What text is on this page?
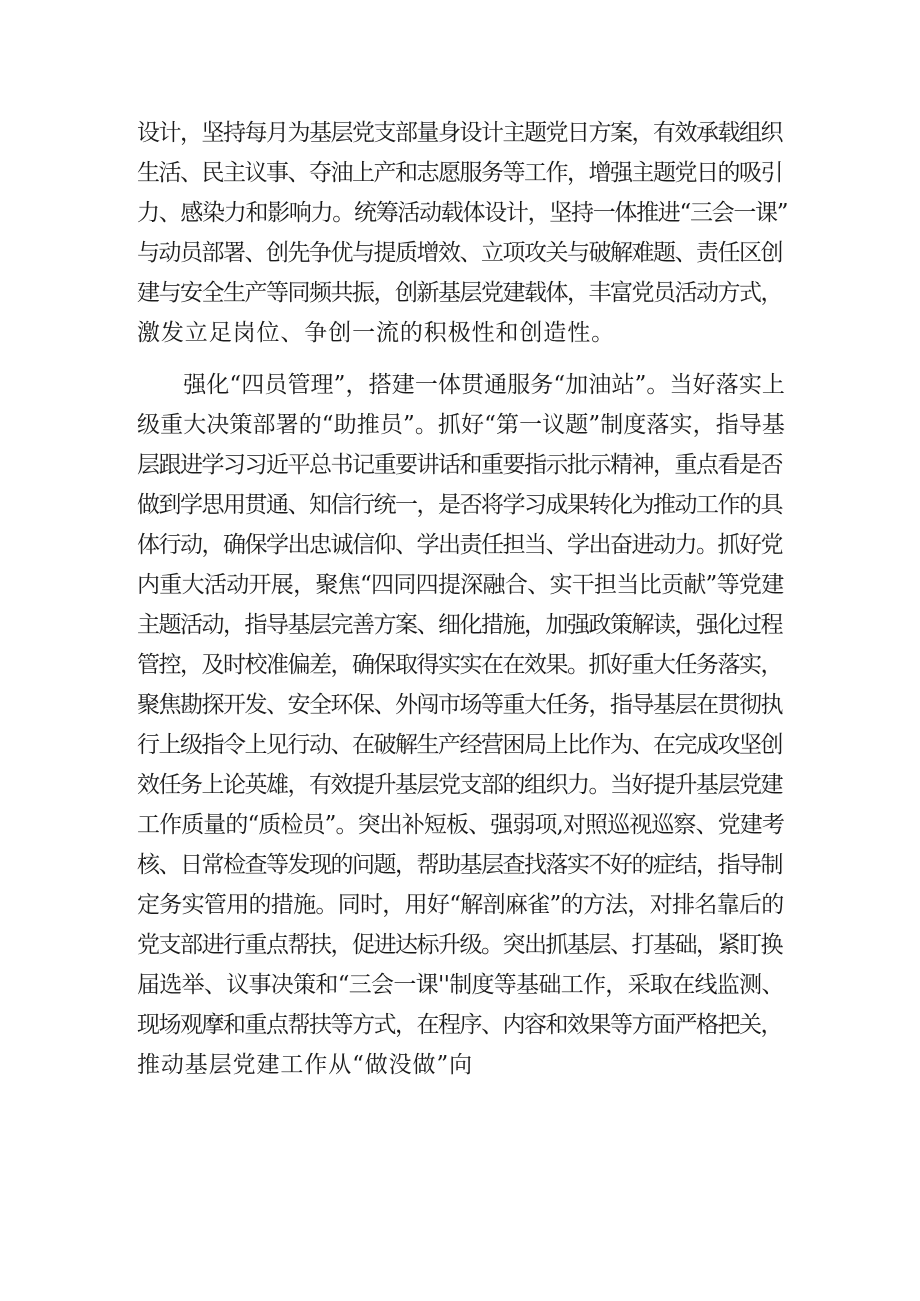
设计，坚持每月为基层党支部量身设计主题党日方案，有效承载组织
生活、民主议事、夺油上产和志愿服务等工作，增强主题党日的吸引
力、感染力和影响力。统筹活动载体设计，坚持一体推进“三会一课”
与动员部署、创先争优与提质增效、立项攻关与破解难题、责任区创
建与安全生产等同频共振，创新基层党建载体，丰富党员活动方式，
激发立足岗位、争创一流的积极性和创造性。
　　强化“四员管理”，搭建一体贯通服务“加油站”。当好落实上
级重大决策部署的“助推员”。抓好“第一议题”制度落实，指导基
层跟进学习习近平总书记重要讲话和重要指示批示精神，重点看是否
做到学思用贯通、知信行统一，是否将学习成果转化为推动工作的具
体行动，确保学出忠诚信仰、学出责任担当、学出奋进动力。抓好党
内重大活动开展，聚焦“四同四提深融合、实干担当比贡献”等党建
主题活动，指导基层完善方案、细化措施，加强政策解读，强化过程
管控，及时校准偏差，确保取得实实在在效果。抓好重大任务落实，
聚焦勘探开发、安全环保、外闯市场等重大任务，指导基层在贯彻执
行上级指令上见行动、在破解生产经营困局上比作为、在完成攻坚创
效任务上论英雄，有效提升基层党支部的组织力。当好提升基层党建
工作质量的“质检员”。突出补短板、强弱项,对照巡视巡察、党建考
核、日常检查等发现的问题，帮助基层查找落实不好的症结，指导制
定务实管用的措施。同时，用好“解剖麻雀”的方法，对排名靠后的
党支部进行重点帮扶，促进达标升级。突出抓基层、打基础，紧盯换
届选举、议事决策和“三会一课''制度等基础工作，采取在线监测、
现场观摩和重点帮扶等方式，在程序、内容和效果等方面严格把关，
推动基层党建工作从“做没做”向
